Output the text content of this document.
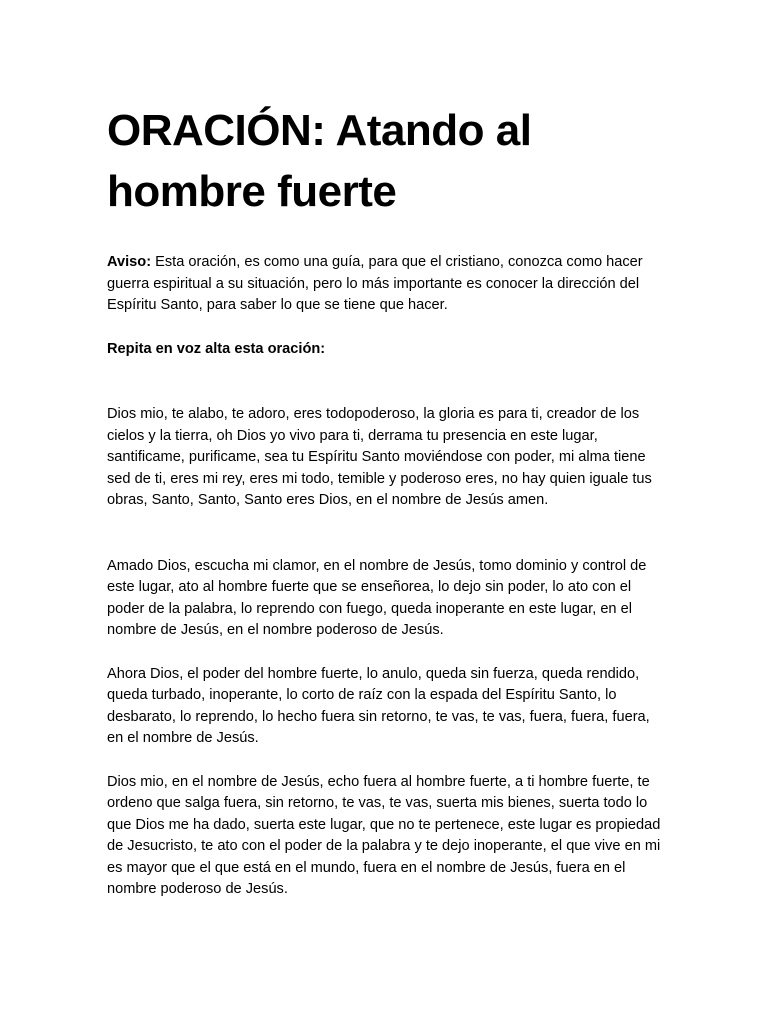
ORACIÓN: Atando al hombre fuerte

Aviso: Esta oración, es como una guía, para que el cristiano, conozca como hacer guerra espiritual a su situación, pero lo más importante es conocer la dirección del Espíritu Santo, para saber lo que se tiene que hacer.

Repita en voz alta esta oración:

Dios mio, te alabo, te adoro, eres todopoderoso, la gloria es para ti, creador de los cielos y la tierra, oh Dios yo vivo para ti, derrama tu presencia en este lugar, santificame, purificame, sea tu Espíritu Santo moviéndose con poder, mi alma tiene sed de ti, eres mi rey, eres mi todo, temible y poderoso eres, no hay quien iguale tus obras, Santo, Santo, Santo eres Dios, en el nombre de Jesús amen.

Amado Dios, escucha mi clamor, en el nombre de Jesús, tomo dominio y control de este lugar, ato al hombre fuerte que se enseñorea, lo dejo sin poder, lo ato con el poder de la palabra, lo reprendo con fuego, queda inoperante en este lugar, en el nombre de Jesús, en el nombre poderoso de Jesús.

Ahora Dios, el poder del hombre fuerte, lo anulo, queda sin fuerza, queda rendido, queda turbado, inoperante, lo corto de raíz con la espada del Espíritu Santo, lo desbarato, lo reprendo, lo hecho fuera sin retorno, te vas, te vas, fuera, fuera, fuera, en el nombre de Jesús.

Dios mio, en el nombre de Jesús, echo fuera al hombre fuerte, a ti hombre fuerte, te ordeno que salga fuera, sin retorno, te vas, te vas, suerta mis bienes, suerta todo lo que Dios me ha dado, suerta este lugar, que no te pertenece, este lugar es propiedad de Jesucristo, te ato con el poder de la palabra y te dejo inoperante, el que vive en mi es mayor que el que está en el mundo, fuera en el nombre de Jesús, fuera en el nombre poderoso de Jesús.
